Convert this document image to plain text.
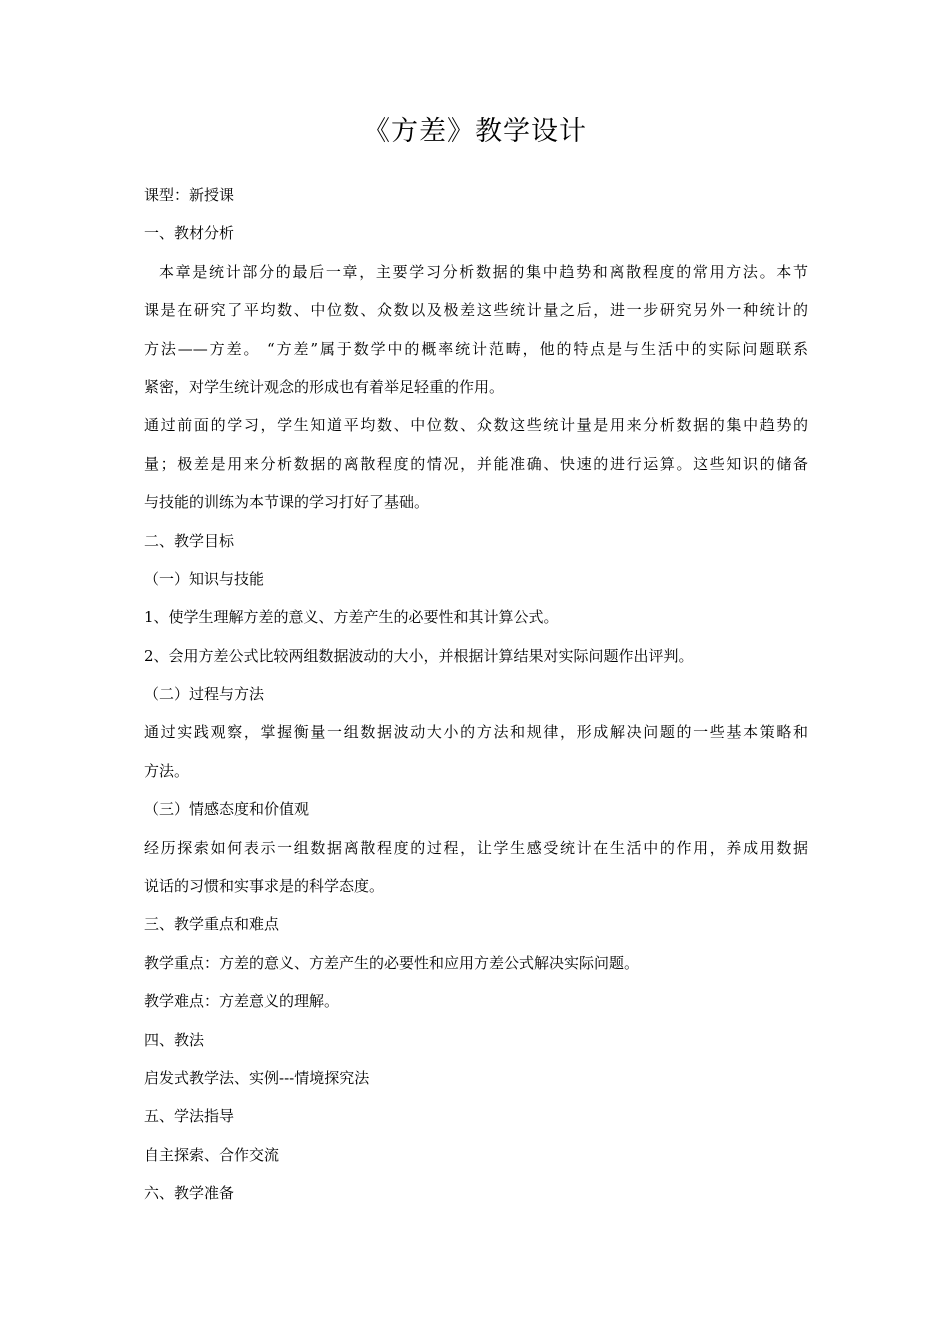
《方差》教学设计
课型：新授课
一、教材分析
本章是统计部分的最后一章，主要学习分析数据的集中趋势和离散程度的常用方法。本节
课是在研究了平均数、中位数、众数以及极差这些统计量之后，进一步研究另外一种统计的
方法——方差。 “方差”属于数学中的概率统计范畴，他的特点是与生活中的实际问题联系
紧密，对学生统计观念的形成也有着举足轻重的作用。
通过前面的学习，学生知道平均数、中位数、众数这些统计量是用来分析数据的集中趋势的
量；极差是用来分析数据的离散程度的情况，并能准确、快速的进行运算。这些知识的储备
与技能的训练为本节课的学习打好了基础。
二、教学目标
（一）知识与技能
1、使学生理解方差的意义、方差产生的必要性和其计算公式。
2、会用方差公式比较两组数据波动的大小，并根据计算结果对实际问题作出评判。
（二）过程与方法
通过实践观察，掌握衡量一组数据波动大小的方法和规律，形成解决问题的一些基本策略和
方法。
（三）情感态度和价值观
经历探索如何表示一组数据离散程度的过程，让学生感受统计在生活中的作用，养成用数据
说话的习惯和实事求是的科学态度。
三、教学重点和难点
教学重点：方差的意义、方差产生的必要性和应用方差公式解决实际问题。
教学难点：方差意义的理解。
四、教法
启发式教学法、实例---情境探究法
五、学法指导
自主探索、合作交流
六、教学准备
